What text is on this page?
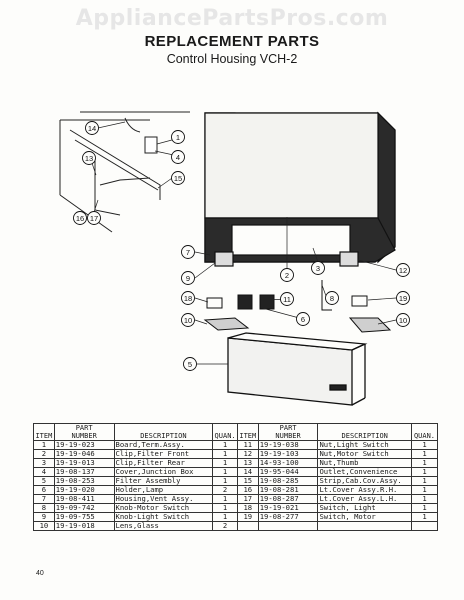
AppliancePartsPros.com
REPLACEMENT PARTS
Control Housing VCH-2
1
4
15
14
13
16 17
7
9
18
10
2
3
11	8
6
12
19
10
5
ITEM	PART
NUMBER	DESCRIPTION	QUAN.	ITEM	PART
NUMBER	DESCRIPTION	QUAN.
1	19-19-023	Board,Term.Assy.	1	11	19-19-038	Nut,Light Switch	1
2	19-19-046	Clip,Filter Front	1	12	19-19-103	Nut,Motor Switch	1
3	19-19-013	Clip,Filter Rear	1	13	14-93-100	Nut,Thumb	1
4	19-08-137	Cover,Junction Box	1	14	19-95-044	Outlet,Convenience	1
5	19-08-253	Filter Assembly	1	15	19-08-285	Strip,Cab.Cov.Assy.	1
6	19-19-020	Holder,Lamp	2	16	19-08-281	Lt.Cover Assy.R.H.	1
7	19-08-411	Housing,Vent Assy.	1	17	19-08-287	Lt.Cover Assy.L.H.	1
8	19-09-742	Knob-Motor Switch	1	18	19-19-021	Switch, Light	1
9	19-09-755	Knob-Light Switch	1	19	19-08-277	Switch, Motor	1
10	19-19-018	Lens,Glass	2				
40
